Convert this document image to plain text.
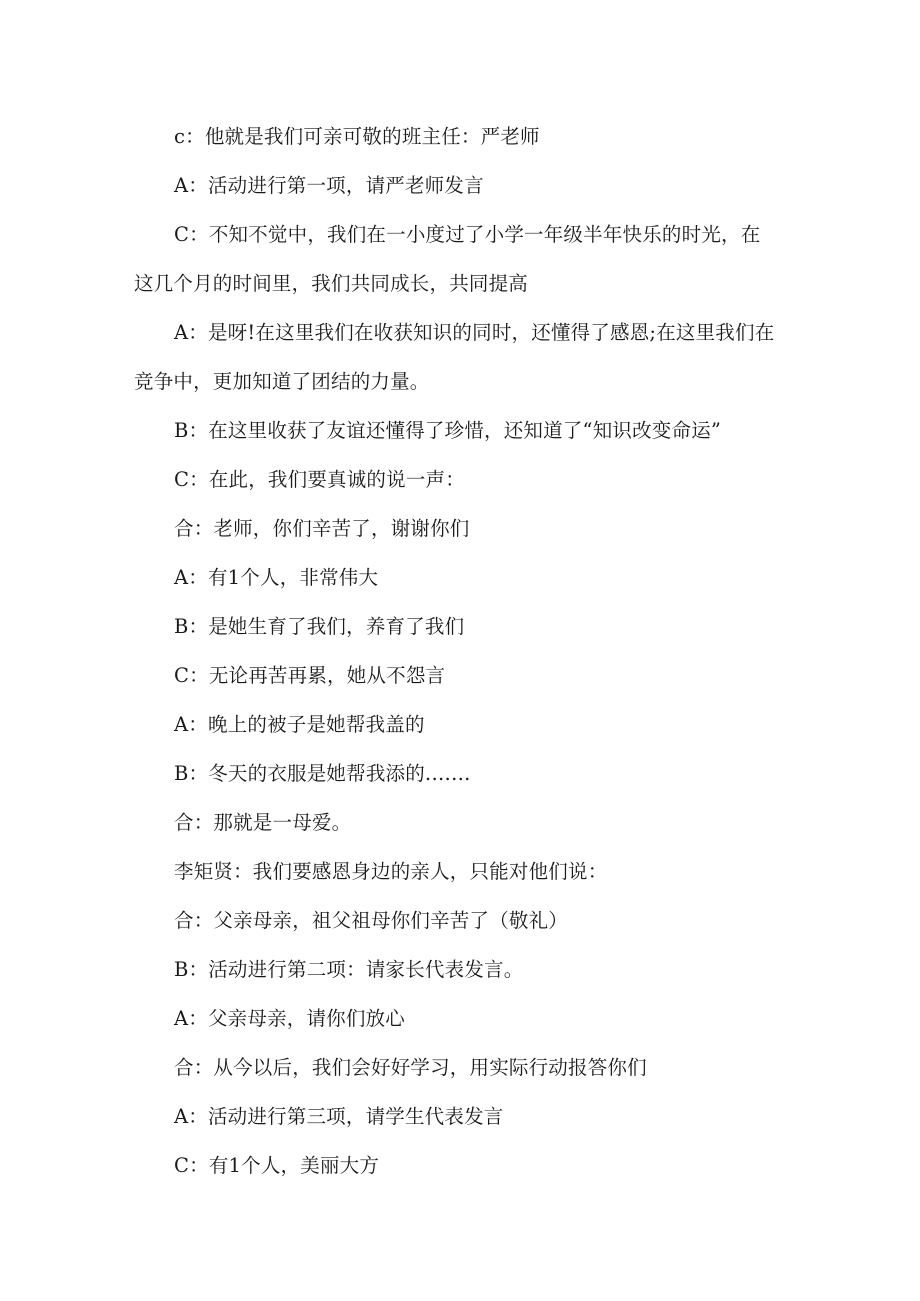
c：他就是我们可亲可敬的班主任：严老师

A：活动进行第一项，请严老师发言

C：不知不觉中，我们在一小度过了小学一年级半年快乐的时光，在这几个月的时间里，我们共同成长，共同提高

A：是呀!在这里我们在收获知识的同时，还懂得了感恩;在这里我们在竞争中，更加知道了团结的力量。

B：在这里收获了友谊还懂得了珍惜，还知道了“知识改变命运”

C：在此，我们要真诚的说一声：

合：老师，你们辛苦了，谢谢你们

A：有1个人，非常伟大

B：是她生育了我们，养育了我们

C：无论再苦再累，她从不怨言

A：晚上的被子是她帮我盖的

B：冬天的衣服是她帮我添的.……

合：那就是一母爱。

李矩贤：我们要感恩身边的亲人，只能对他们说：

合：父亲母亲，祖父祖母你们辛苦了（敬礼）

B：活动进行第二项：请家长代表发言。

A：父亲母亲，请你们放心

合：从今以后，我们会好好学习，用实际行动报答你们

A：活动进行第三项，请学生代表发言

C：有1个人，美丽大方
